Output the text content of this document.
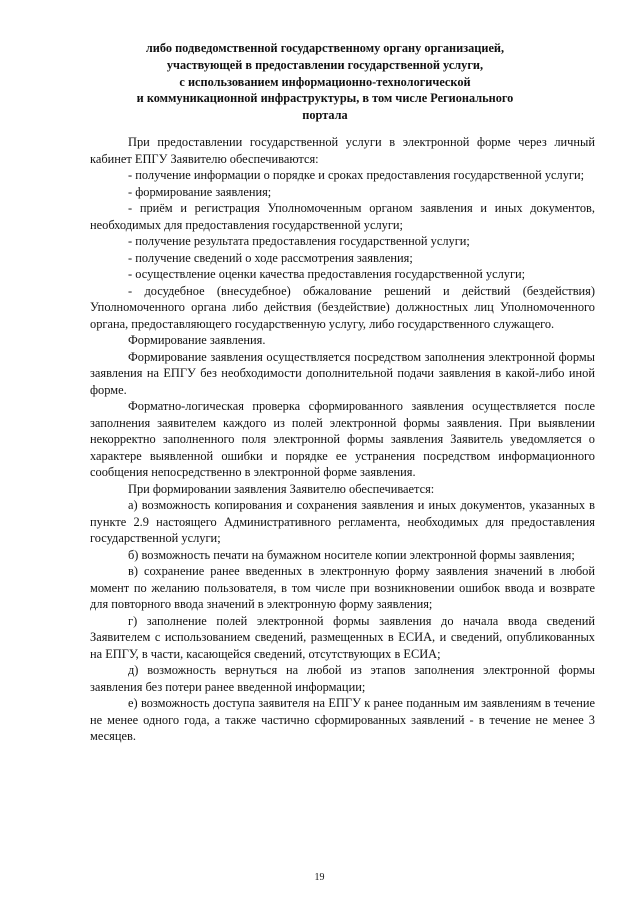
либо подведомственной государственному органу организацией,
участвующей в предоставлении государственной услуги,
с использованием информационно-технологической
и коммуникационной инфраструктуры, в том числе Регионального
портала

При предоставлении государственной услуги в электронной форме через личный кабинет ЕПГУ Заявителю обеспечиваются:

- получение информации о порядке и сроках предоставления государственной услуги;

- формирование заявления;

- приём и регистрация Уполномоченным органом заявления и иных документов, необходимых для предоставления государственной услуги;

- получение результата предоставления государственной услуги;

- получение сведений о ходе рассмотрения заявления;

- осуществление оценки качества предоставления государственной услуги;

- досудебное (внесудебное) обжалование решений и действий (бездействия) Уполномоченного органа либо действия (бездействие) должностных лиц Уполномоченного органа, предоставляющего государственную услугу, либо государственного служащего.

Формирование заявления.

Формирование заявления осуществляется посредством заполнения электронной формы заявления на ЕПГУ без необходимости дополнительной подачи заявления в какой-либо иной форме.

Форматно-логическая проверка сформированного заявления осуществляется после заполнения заявителем каждого из полей электронной формы заявления. При выявлении некорректно заполненного поля электронной формы заявления Заявитель уведомляется о характере выявленной ошибки и порядке ее устранения посредством информационного сообщения непосредственно в электронной форме заявления.

При формировании заявления Заявителю обеспечивается:

а) возможность копирования и сохранения заявления и иных документов, указанных в пункте 2.9 настоящего Административного регламента, необходимых для предоставления государственной услуги;

б) возможность печати на бумажном носителе копии электронной формы заявления;

в) сохранение ранее введенных в электронную форму заявления значений в любой момент по желанию пользователя, в том числе при возникновении ошибок ввода и возврате для повторного ввода значений в электронную форму заявления;

г) заполнение полей электронной формы заявления до начала ввода сведений Заявителем с использованием сведений, размещенных в ЕСИА, и сведений, опубликованных на ЕПГУ, в части, касающейся сведений, отсутствующих в ЕСИА;

д) возможность вернуться на любой из этапов заполнения электронной формы заявления без потери ранее введенной информации;

е) возможность доступа заявителя на ЕПГУ к ранее поданным им заявлениям в течение не менее одного года, а также частично сформированных заявлений - в течение не менее 3 месяцев.

19
